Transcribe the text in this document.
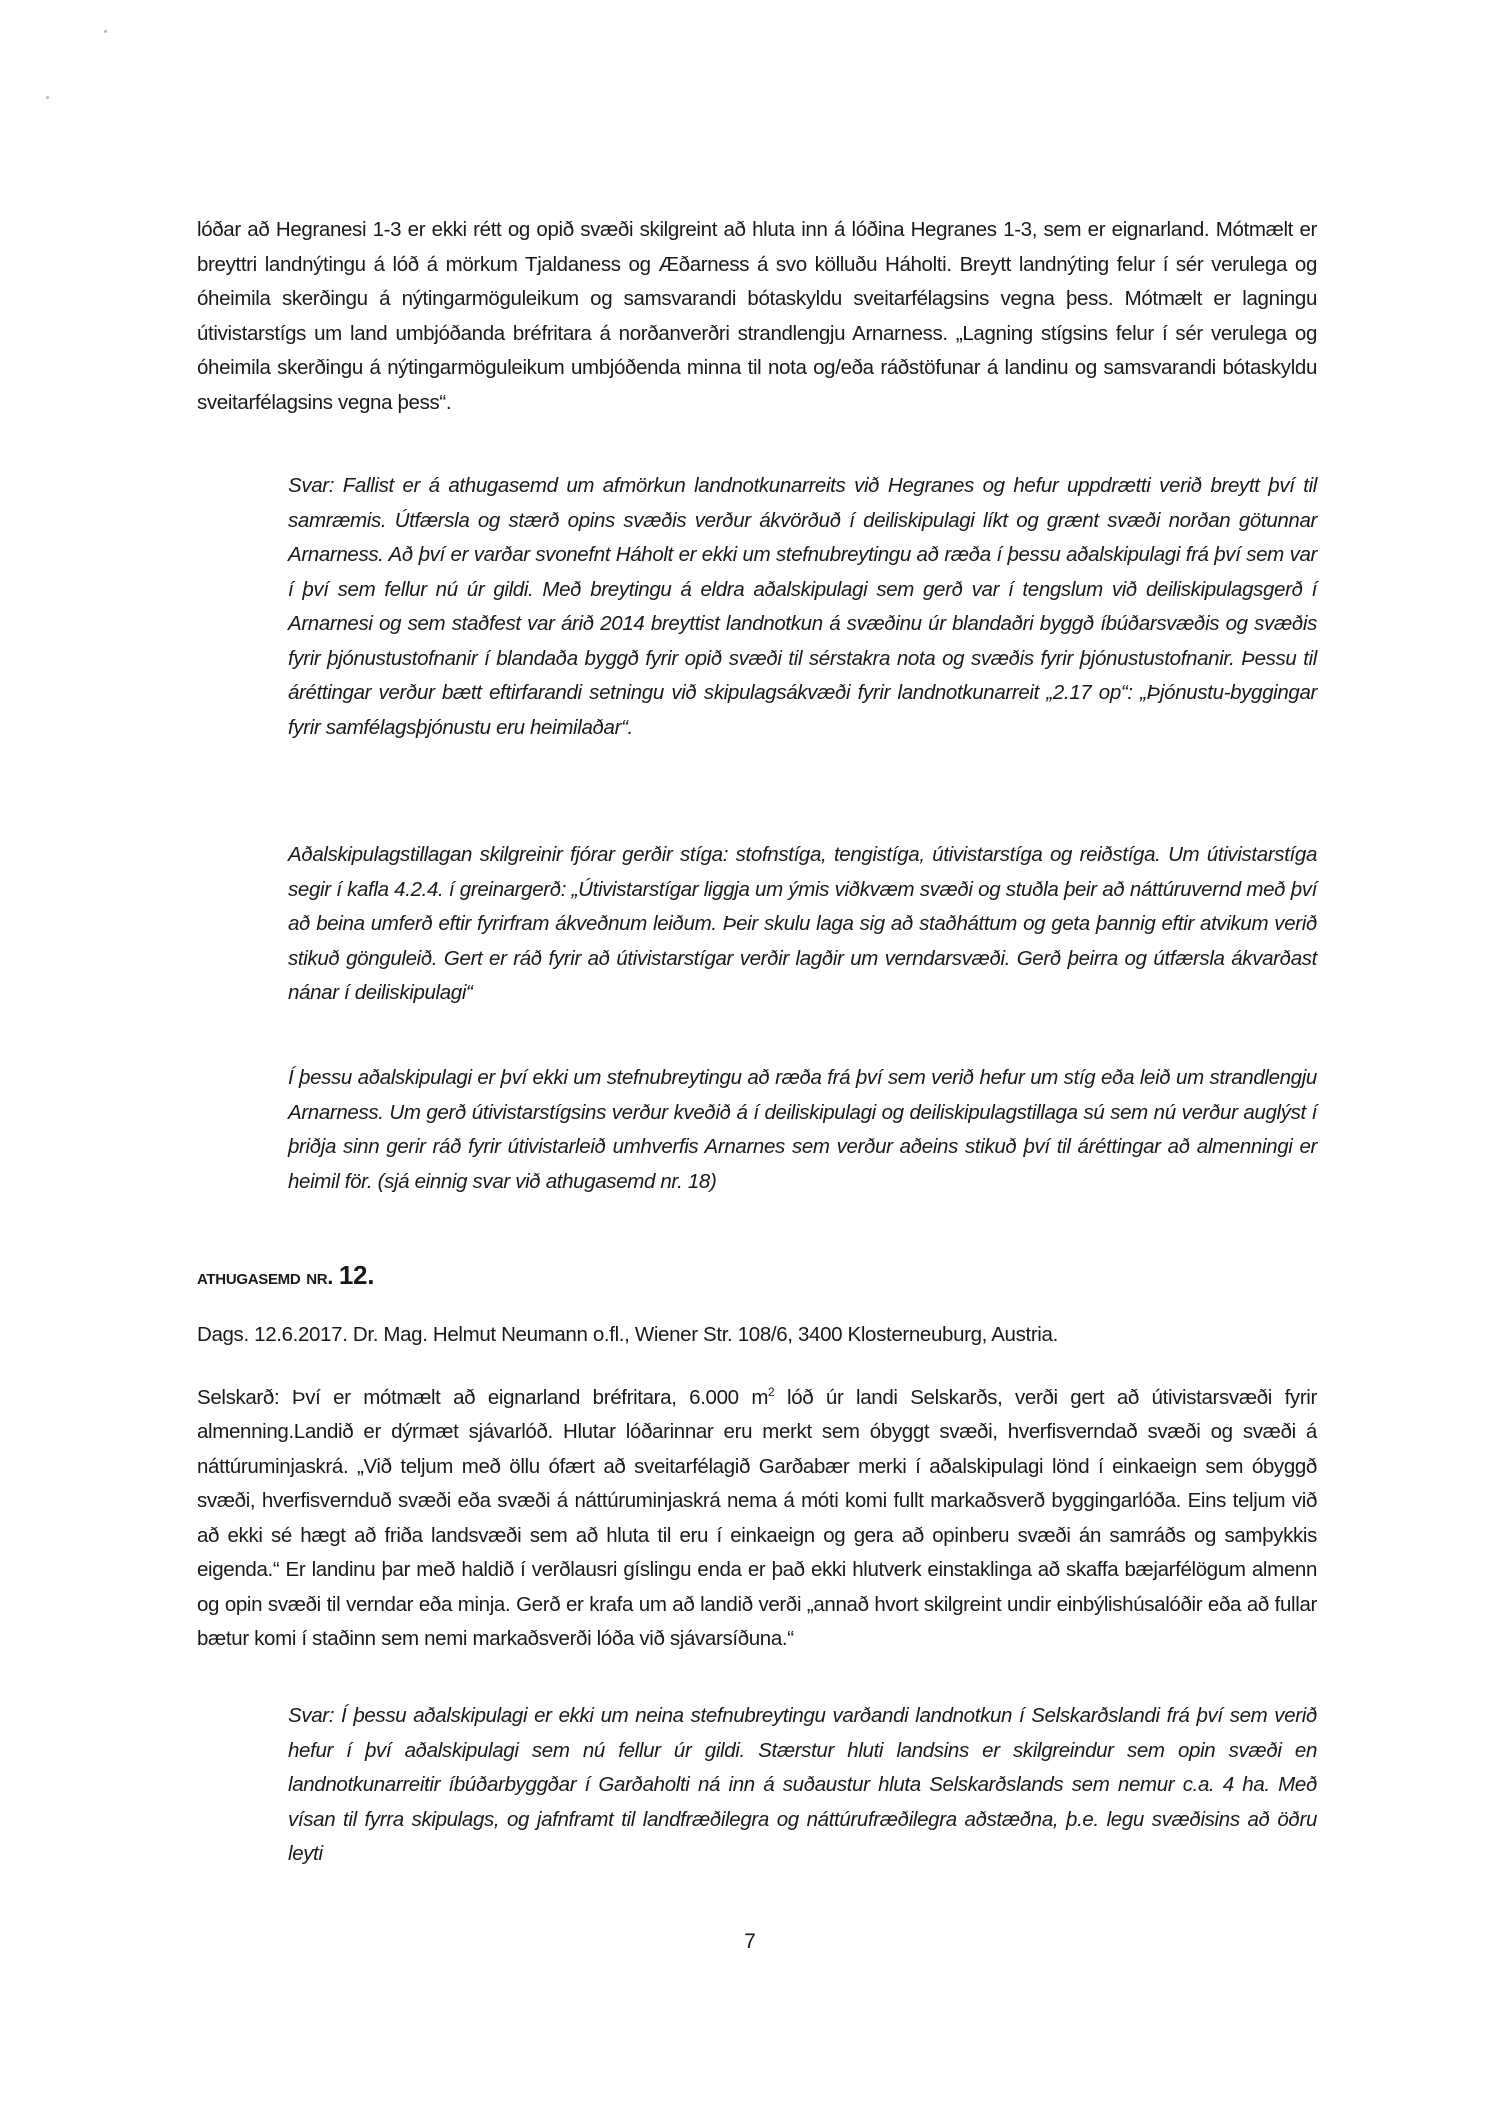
lóðar að Hegranesi 1-3 er ekki rétt og opið svæði skilgreint að hluta inn á lóðina Hegranes 1-3, sem er eignarland. Mótmælt er breyttri landnýtingu á lóð á mörkum Tjaldaness og Æðarness á svo kölluðu Háholti. Breytt landnýting felur í sér verulega og óheimila skerðingu á nýtingarmöguleikum og samsvarandi bótaskyldu sveitarfélagsins vegna þess. Mótmælt er lagningu útivistarstígs um land umbjóðanda bréfritara á norðanverðri strandlengju Arnarness. „Lagning stígsins felur í sér verulega og óheimila skerðingu á nýtingarmöguleikum umbjóðenda minna til nota og/eða ráðstöfunar á landinu og samsvarandi bótaskyldu sveitarfélagsins vegna þess“.

Svar: Fallist er á athugasemd um afmörkun landnotkunarreits við Hegranes og hefur uppdrætti verið breytt því til samræmis. Útfærsla og stærð opins svæðis verður ákvörðuð í deiliskipulagi líkt og grænt svæði norðan götunnar Arnarness. Að því er varðar svonefnt Háholt er ekki um stefnubreytingu að ræða í þessu aðalskipulagi frá því sem var í því sem fellur nú úr gildi. Með breytingu á eldra aðalskipulagi sem gerð var í tengslum við deiliskipulagsgerð í Arnarnesi og sem staðfest var árið 2014 breyttist landnotkun á svæðinu úr blandaðri byggð íbúðarsvæðis og svæðis fyrir þjónustustofnanir í blandaða byggð fyrir opið svæði til sérstakra nota og svæðis fyrir þjónustustofnanir. Þessu til áréttingar verður bætt eftirfarandi setningu við skipulagsákvæði fyrir landnotkunarreit „2.17 op“: „Þjónustu-byggingar fyrir samfélagsþjónustu eru heimilaðar“.

Aðalskipulagstillagan skilgreinir fjórar gerðir stíga: stofnstíga, tengistíga, útivistarstíga og reiðstíga. Um útivistarstíga segir í kafla 4.2.4. í greinargerð: „Útivistarstígar liggja um ýmis viðkvæm svæði og stuðla þeir að náttúruvernd með því að beina umferð eftir fyrirfram ákveðnum leiðum. Þeir skulu laga sig að staðháttum og geta þannig eftir atvikum verið stikuð gönguleið. Gert er ráð fyrir að útivistarstígar verðir lagðir um verndarsvæði. Gerð þeirra og útfærsla ákvarðast nánar í deiliskipulagi“

Í þessu aðalskipulagi er því ekki um stefnubreytingu að ræða frá því sem verið hefur um stíg eða leið um strandlengju Arnarness. Um gerð útivistarstígsins verður kveðið á í deiliskipulagi og deiliskipulagstillaga sú sem nú verður auglýst í þriðja sinn gerir ráð fyrir útivistarleið umhverfis Arnarnes sem verður aðeins stikuð því til áréttingar að almenningi er heimil för. (sjá einnig svar við athugasemd nr. 18)

athugasemd nr. 12.

Dags. 12.6.2017. Dr. Mag. Helmut Neumann o.fl., Wiener Str. 108/6, 3400 Klosterneuburg, Austria.

Selskarð: Því er mótmælt að eignarland bréfritara, 6.000 $m^2$ lóð úr landi Selskarðs, verði gert að útivistarsvæði fyrir almenning.Landið er dýrmæt sjávarlóð. Hlutar lóðarinnar eru merkt sem óbyggt svæði, hverfisverndað svæði og svæði á náttúruminjaskrá. „Við teljum með öllu ófært að sveitarfélagið Garðabær merki í aðalskipulagi lönd í einkaeign sem óbyggð svæði, hverfisvernduð svæði eða svæði á náttúruminjaskrá nema á móti komi fullt markaðsverð byggingarlóða. Eins teljum við að ekki sé hægt að friða landsvæði sem að hluta til eru í einkaeign og gera að opinberu svæði án samráðs og samþykkis eigenda.“ Er landinu þar með haldið í verðlausri gíslingu enda er það ekki hlutverk einstaklinga að skaffa bæjarfélögum almenn og opin svæði til verndar eða minja. Gerð er krafa um að landið verði „annað hvort skilgreint undir einbýlishúsalóðir eða að fullar bætur komi í staðinn sem nemi markaðsverði lóða við sjávarsíðuna.“

Svar: Í þessu aðalskipulagi er ekki um neina stefnubreytingu varðandi landnotkun í Selskarðslandi frá því sem verið hefur í því aðalskipulagi sem nú fellur úr gildi. Stærstur hluti landsins er skilgreindur sem opin svæði en landnotkunarreitir íbúðarbyggðar í Garðaholti ná inn á suðaustur hluta Selskarðslands sem nemur c.a. 4 ha. Með vísan til fyrra skipulags, og jafnframt til landfræðilegra og náttúrufræðilegra aðstæðna, þ.e. legu svæðisins að öðru leyti

7
